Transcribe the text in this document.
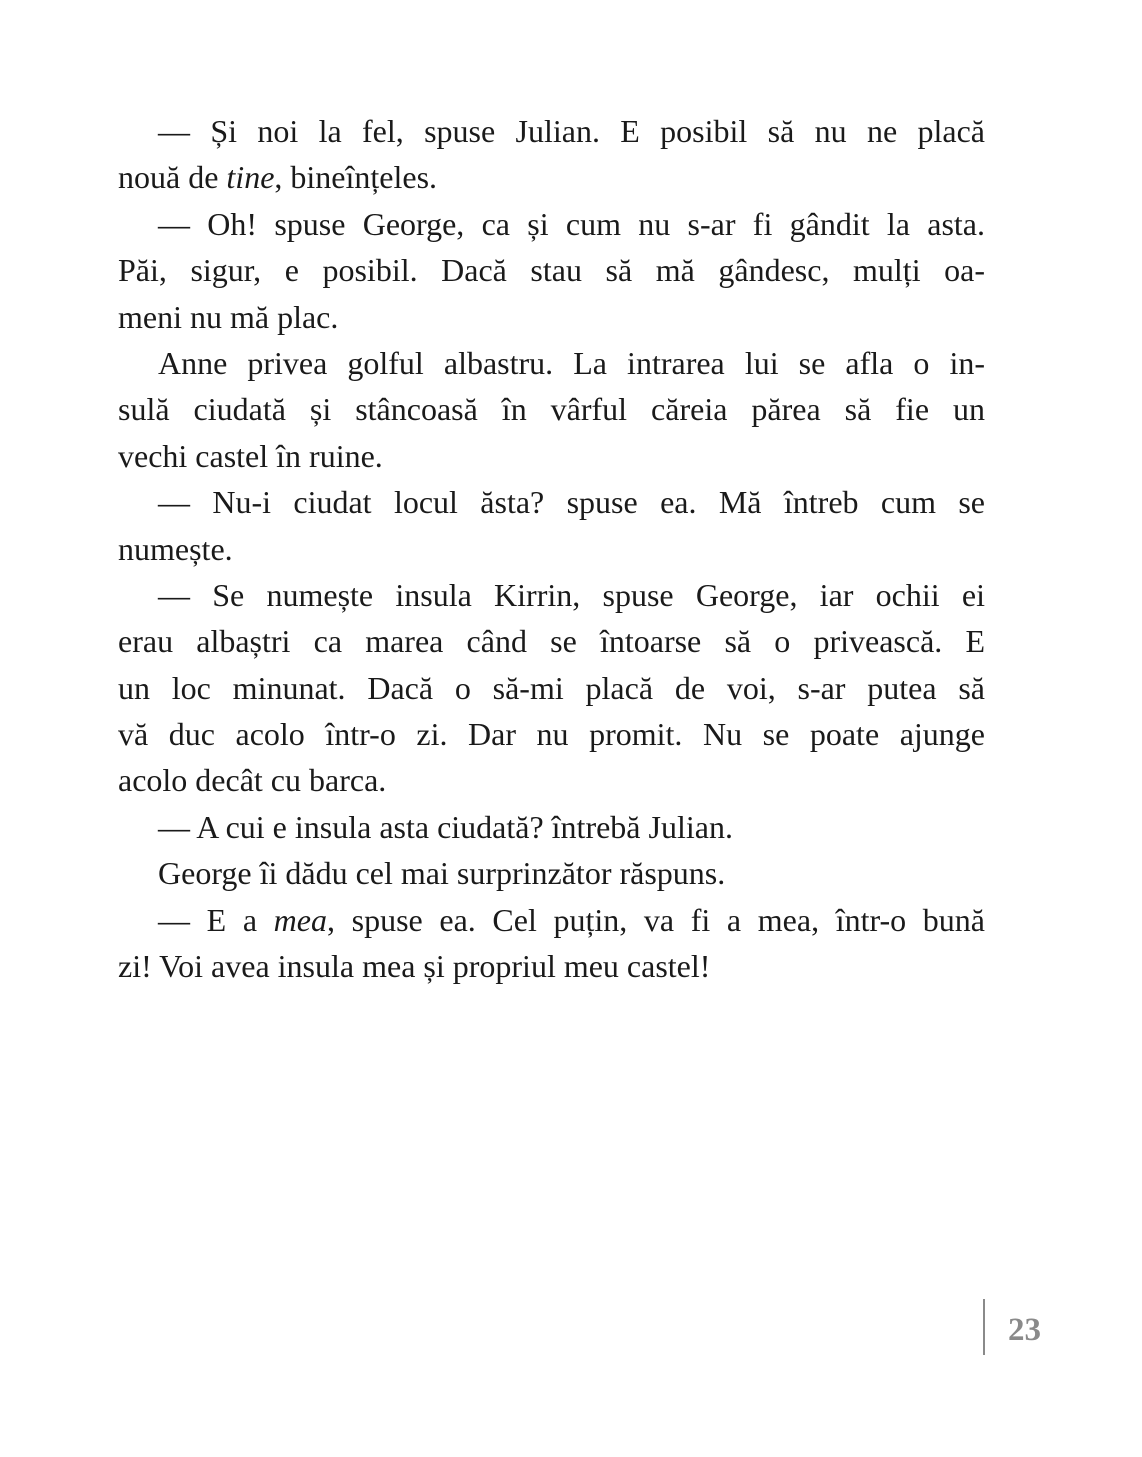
— Și noi la fel, spuse Julian. E posibil să nu ne placă
nouă de tine, bineînțeles.
— Oh! spuse George, ca și cum nu s-ar fi gândit la asta.
Păi, sigur, e posibil. Dacă stau să mă gândesc, mulți oa-
meni nu mă plac.
Anne privea golful albastru. La intrarea lui se afla o in-
sulă ciudată și stâncoasă în vârful căreia părea să fie un
vechi castel în ruine.
— Nu-i ciudat locul ăsta? spuse ea. Mă întreb cum se
numește.
— Se numește insula Kirrin, spuse George, iar ochii ei
erau albaștri ca marea când se întoarse să o privească. E
un loc minunat. Dacă o să-mi placă de voi, s-ar putea să
vă duc acolo într-o zi. Dar nu promit. Nu se poate ajunge
acolo decât cu barca.
— A cui e insula asta ciudată? întrebă Julian.
George îi dădu cel mai surprinzător răspuns.
— E a mea, spuse ea. Cel puțin, va fi a mea, într-o bună
zi! Voi avea insula mea și propriul meu castel!
23
